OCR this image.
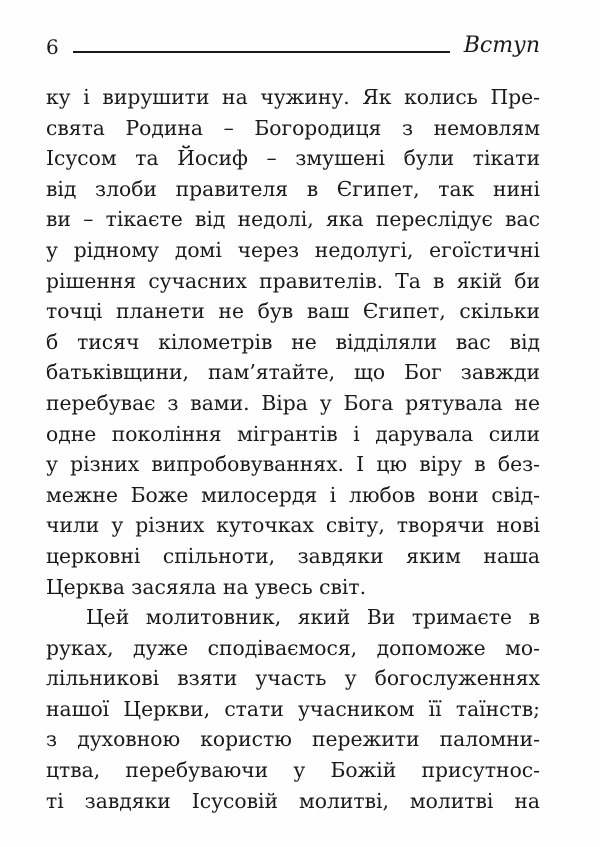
6	Вступ
ку і вирушити на чужину. Як колись Пре-
свята Родина – Богородиця з немовлям
Ісусом та Йосиф – змушені були тікати
від злоби правителя в Єгипет, так нині
ви – тікаєте від недолі, яка переслідує вас
у рідному домі через недолугі, егоїстичні
рішення сучасних правителів. Та в якій би
точці планети не був ваш Єгипет, скільки
б тисяч кілометрів не відділяли вас від
батьківщини, пам’ятайте, що Бог завжди
перебуває з вами. Віра у Бога рятувала не
одне покоління мігрантів і дарувала сили
у різних випробовуваннях. І цю віру в без-
межне Боже милосердя і любов вони свід-
чили у різних куточках світу, творячи нові
церковні спільноти, завдяки яким наша
Церква засяяла на увесь світ.
Цей молитовник, який Ви тримаєте в
руках, дуже сподіваємося, допоможе мо-
лільникові взяти участь у богослуженнях
нашої Церкви, стати учасником її таїнств;
з духовною користю пережити паломни-
цтва, перебуваючи у Божій присутнос-
ті завдяки Ісусовій молитві, молитві на
